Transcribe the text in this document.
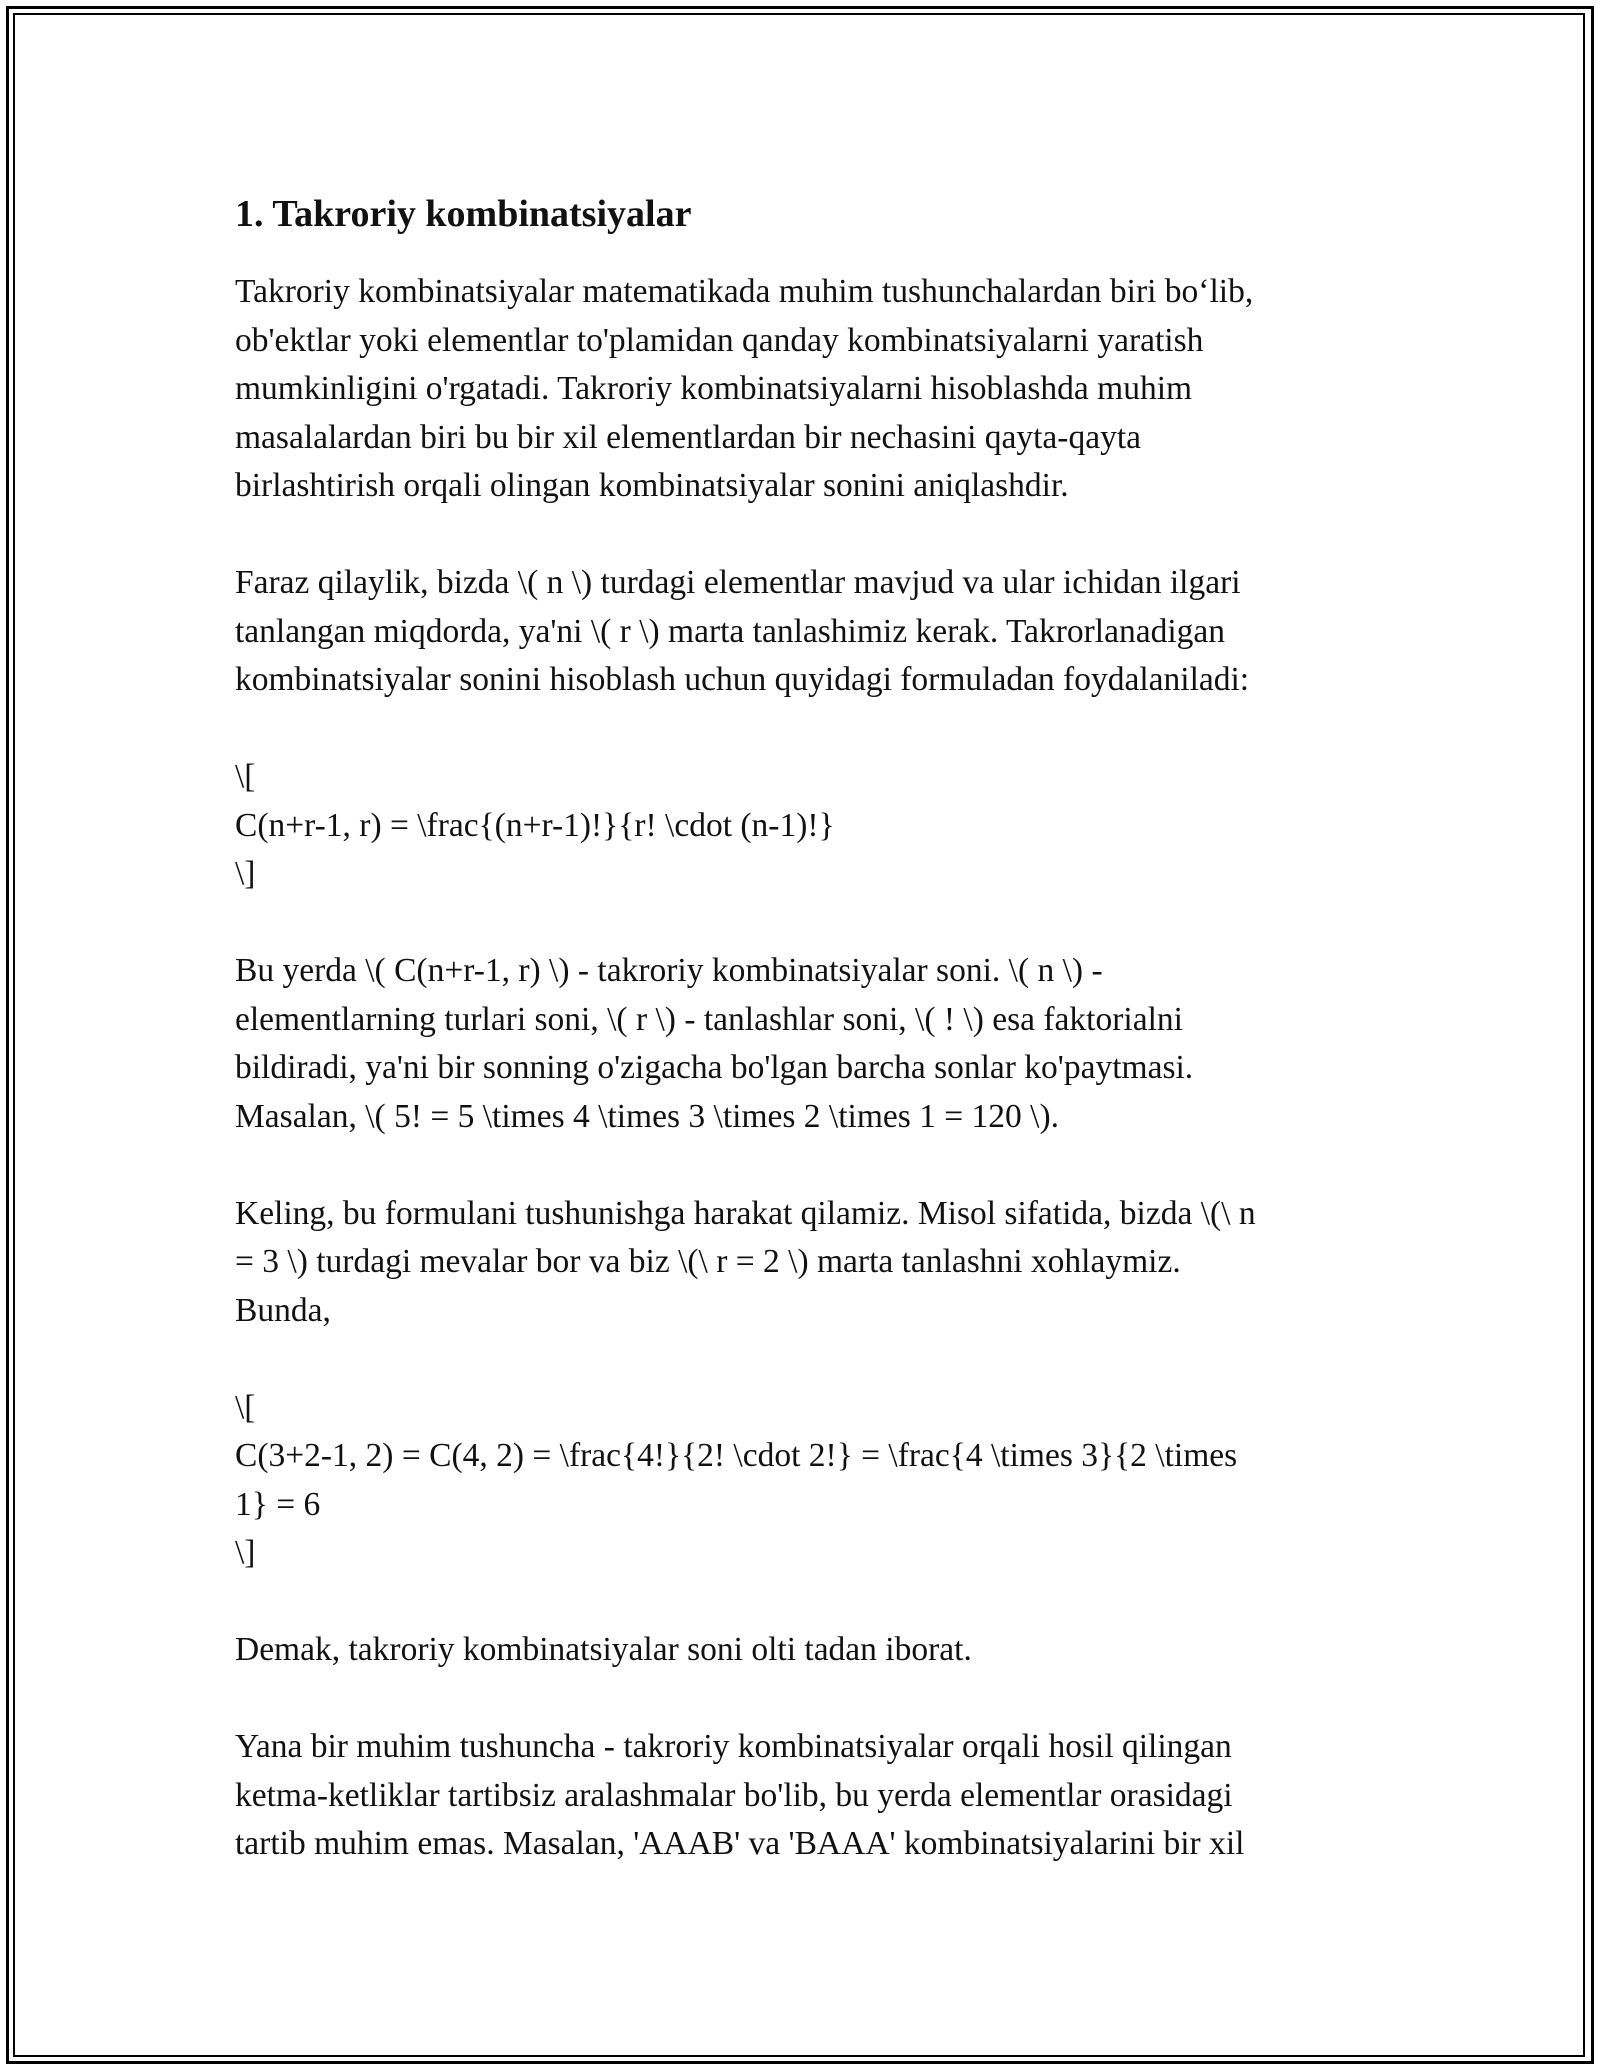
1. Takroriy kombinatsiyalar
Takroriy kombinatsiyalar matematikada muhim tushunchalardan biri bo‘lib,
ob'ektlar yoki elementlar to'plamidan qanday kombinatsiyalarni yaratish
mumkinligini o'rgatadi. Takroriy kombinatsiyalarni hisoblashda muhim
masalalardan biri bu bir xil elementlardan bir nechasini qayta-qayta
birlashtirish orqali olingan kombinatsiyalar sonini aniqlashdir.
Faraz qilaylik, bizda \( n \) turdagi elementlar mavjud va ular ichidan ilgari
tanlangan miqdorda, ya'ni \( r \) marta tanlashimiz kerak. Takrorlanadigan
kombinatsiyalar sonini hisoblash uchun quyidagi formuladan foydalaniladi:
\[
C(n+r-1, r) = \frac{(n+r-1)!}{r! \cdot (n-1)!}
\]
Bu yerda \( C(n+r-1, r) \) - takroriy kombinatsiyalar soni. \( n \) -
elementlarning turlari soni, \( r \) - tanlashlar soni, \( ! \) esa faktorialni
bildiradi, ya'ni bir sonning o'zigacha bo'lgan barcha sonlar ko'paytmasi.
Masalan, \( 5! = 5 \times 4 \times 3 \times 2 \times 1 = 120 \).
Keling, bu formulani tushunishga harakat qilamiz. Misol sifatida, bizda \(\ n
= 3 \) turdagi mevalar bor va biz \(\ r = 2 \) marta tanlashni xohlaymiz.
Bunda,
\[
C(3+2-1, 2) = C(4, 2) = \frac{4!}{2! \cdot 2!} = \frac{4 \times 3}{2 \times
1} = 6
\]
Demak, takroriy kombinatsiyalar soni olti tadan iborat.
Yana bir muhim tushuncha - takroriy kombinatsiyalar orqali hosil qilingan
ketma-ketliklar tartibsiz aralashmalar bo'lib, bu yerda elementlar orasidagi
tartib muhim emas. Masalan, 'AAAB' va 'BAAA' kombinatsiyalarini bir xil
